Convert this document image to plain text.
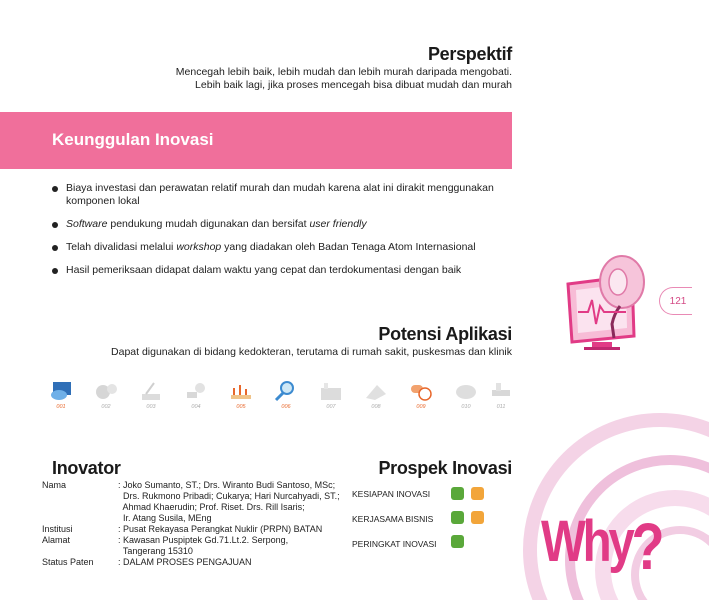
Perspektif
Mencegah lebih baik, lebih mudah dan lebih murah daripada mengobati.
Lebih baik lagi, jika proses mencegah bisa dibuat mudah dan murah
Keunggulan Inovasi
Biaya investasi dan perawatan relatif murah dan mudah karena alat ini dirakit menggunakan komponen lokal
Software pendukung mudah digunakan dan bersifat user friendly
Telah divalidasi melalui workshop yang diadakan oleh Badan Tenaga Atom Internasional
Hasil pemeriksaan didapat dalam waktu yang cepat dan terdokumentasi dengan baik
121
Potensi Aplikasi
Dapat digunakan di bidang kedokteran, terutama di rumah sakit, puskesmas dan klinik
001	002	003	004	005	006	007	008	009	010	011
Inovator
Nama	: Joko Sumanto, ST.; Drs. Wiranto Budi Santoso, MSc;
	Drs. Rukmono Pribadi; Cukarya; Hari Nurcahyadi, ST.;
	Ahmad Khaerudin; Prof. Riset. Drs. Rill Isaris;
	Ir. Atang Susila, MEng
Institusi	: Pusat Rekayasa Perangkat Nuklir (PRPN) BATAN
Alamat	: Kawasan Puspiptek Gd.71.Lt.2. Serpong,
	Tangerang 15310
Status Paten	: DALAM PROSES PENGAJUAN
Prospek Inovasi
KESIAPAN INOVASI
KERJASAMA BISNIS
PERINGKAT INOVASI Why?
